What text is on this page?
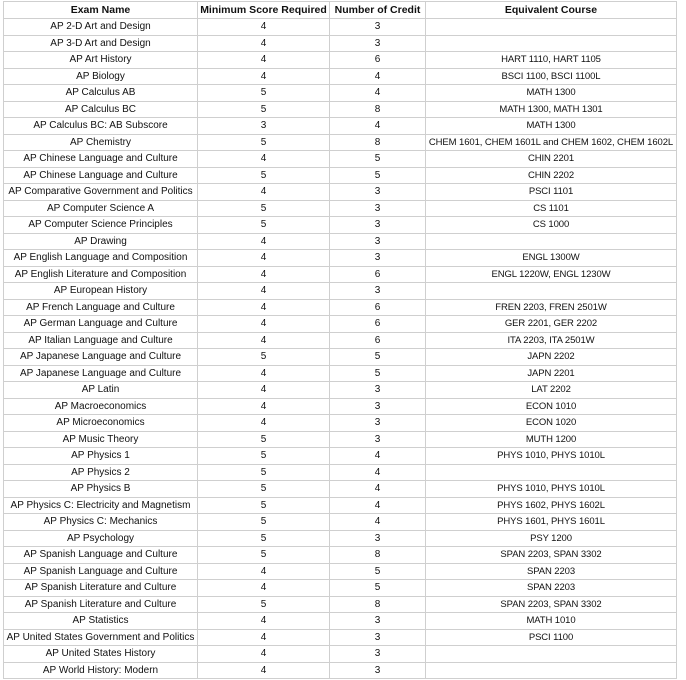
Exam Name	Minimum Score Required	Number of Credit	Equivalent Course
AP 2-D Art and Design	4	3	
AP 3-D Art and Design	4	3	
AP Art History	4	6	HART 1110, HART 1105
AP Biology	4	4	BSCI 1100, BSCI 1100L
AP Calculus AB	5	4	MATH 1300
AP Calculus BC	5	8	MATH 1300, MATH 1301
AP Calculus BC: AB Subscore	3	4	MATH 1300
AP Chemistry	5	8	CHEM 1601, CHEM 1601L and CHEM 1602, CHEM 1602L
AP Chinese Language and Culture	4	5	CHIN 2201
AP Chinese Language and Culture	5	5	CHIN 2202
AP Comparative Government and Politics	4	3	PSCI 1101
AP Computer Science A	5	3	CS 1101
AP Computer Science Principles	5	3	CS 1000
AP Drawing	4	3	
AP English Language and Composition	4	3	ENGL 1300W
AP English Literature and Composition	4	6	ENGL 1220W, ENGL 1230W
AP European History	4	3	
AP French Language and Culture	4	6	FREN 2203, FREN 2501W
AP German Language and Culture	4	6	GER 2201, GER 2202
AP Italian Language and Culture	4	6	ITA 2203, ITA 2501W
AP Japanese Language and Culture	5	5	JAPN 2202
AP Japanese Language and Culture	4	5	JAPN 2201
AP Latin	4	3	LAT 2202
AP Macroeconomics	4	3	ECON 1010
AP Microeconomics	4	3	ECON 1020
AP Music Theory	5	3	MUTH 1200
AP Physics 1	5	4	PHYS 1010, PHYS 1010L
AP Physics 2	5	4	
AP Physics B	5	4	PHYS 1010, PHYS 1010L
AP Physics C: Electricity and Magnetism	5	4	PHYS 1602, PHYS 1602L
AP Physics C: Mechanics	5	4	PHYS 1601, PHYS 1601L
AP Psychology	5	3	PSY 1200
AP Spanish Language and Culture	5	8	SPAN 2203, SPAN 3302
AP Spanish Language and Culture	4	5	SPAN 2203
AP Spanish Literature and Culture	4	5	SPAN 2203
AP Spanish Literature and Culture	5	8	SPAN 2203, SPAN 3302
AP Statistics	4	3	MATH 1010
AP United States Government and Politics	4	3	PSCI 1100
AP United States History	4	3	
AP World History: Modern	4	3	
